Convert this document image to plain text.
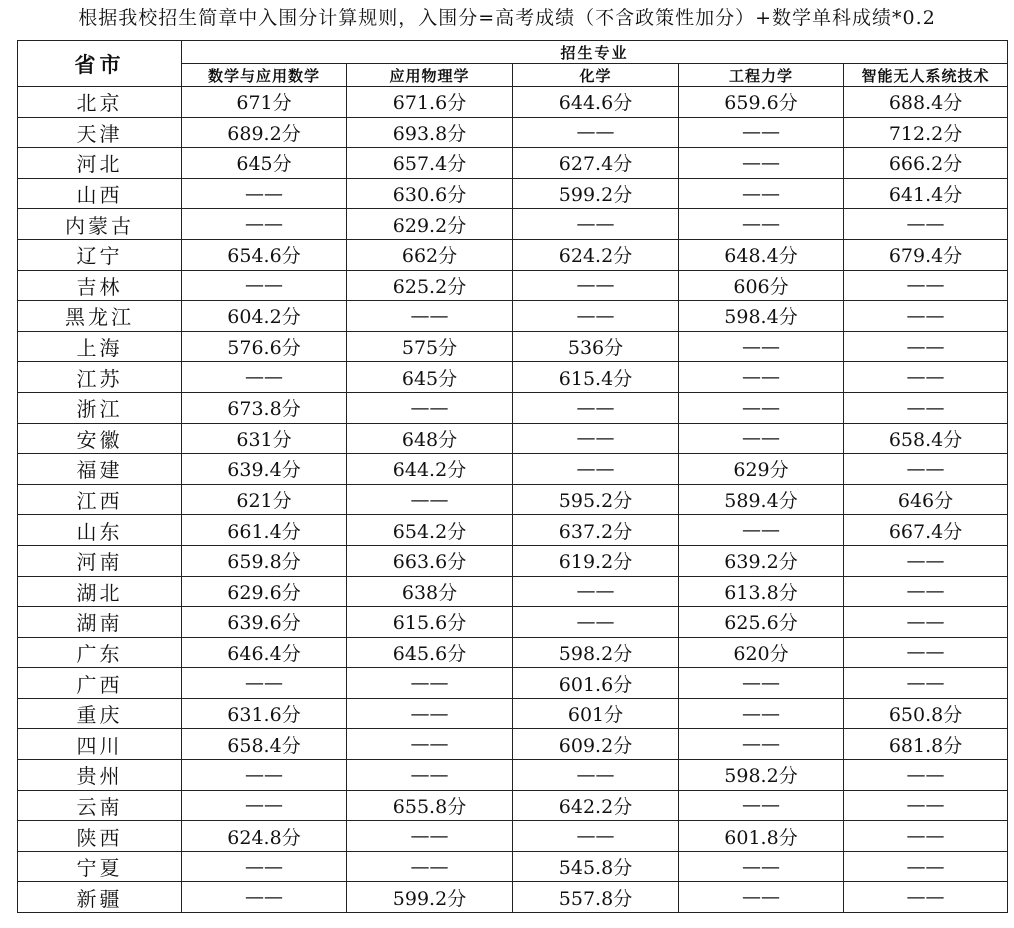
根据我校招生简章中入围分计算规则，入围分=高考成绩（不含政策性加分）+数学单科成绩*0.2
省市	招生专业				
	数学与应用数学	应用物理学	化学	工程力学	智能无人系统技术
北京	671分	671.6分	644.6分	659.6分	688.4分
天津	689.2分	693.8分	——	——	712.2分
河北	645分	657.4分	627.4分	——	666.2分
山西	——	630.6分	599.2分	——	641.4分
内蒙古	——	629.2分	——	——	——
辽宁	654.6分	662分	624.2分	648.4分	679.4分
吉林	——	625.2分	——	606分	——
黑龙江	604.2分	——	——	598.4分	——
上海	576.6分	575分	536分	——	——
江苏	——	645分	615.4分	——	——
浙江	673.8分	——	——	——	——
安徽	631分	648分	——	——	658.4分
福建	639.4分	644.2分	——	629分	——
江西	621分	——	595.2分	589.4分	646分
山东	661.4分	654.2分	637.2分	——	667.4分
河南	659.8分	663.6分	619.2分	639.2分	——
湖北	629.6分	638分	——	613.8分	——
湖南	639.6分	615.6分	——	625.6分	——
广东	646.4分	645.6分	598.2分	620分	——
广西	——	——	601.6分	——	——
重庆	631.6分	——	601分	——	650.8分
四川	658.4分	——	609.2分	——	681.8分
贵州	——	——	——	598.2分	——
云南	——	655.8分	642.2分	——	——
陕西	624.8分	——	——	601.8分	——
宁夏	——	——	545.8分	——	——
新疆	——	599.2分	557.8分	——	——
